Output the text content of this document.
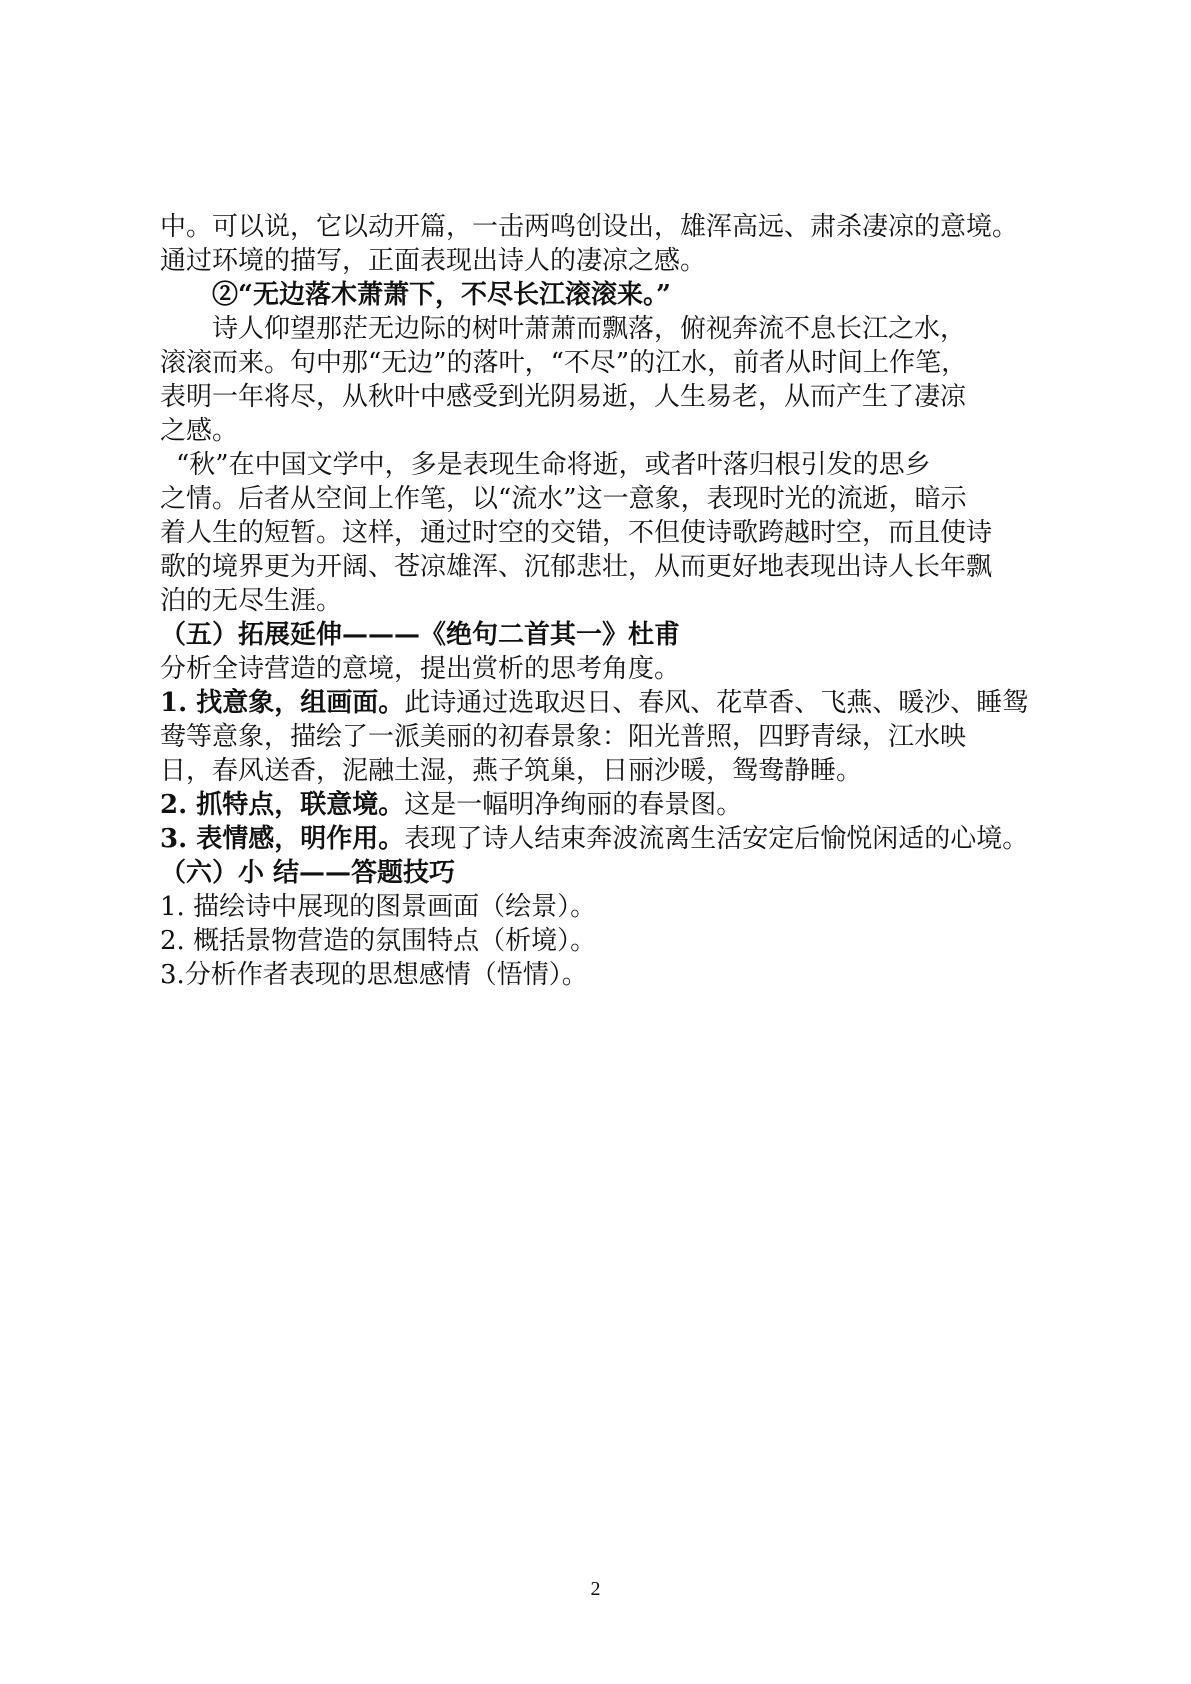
中。可以说，它以动开篇，一击两鸣创设出，雄浑高远、肃杀凄凉的意境。

通过环境的描写，正面表现出诗人的凄凉之感。

②“无边落木萧萧下，不尽长江滚滚来。”

诗人仰望那茫无边际的树叶萧萧而飘落，俯视奔流不息长江之水，

滚滚而来。句中那“无边”的落叶，“不尽”的江水，前者从时间上作笔，

表明一年将尽，从秋叶中感受到光阴易逝，人生易老，从而产生了凄凉

之感。

“秋”在中国文学中，多是表现生命将逝，或者叶落归根引发的思乡

之情。后者从空间上作笔，以“流水”这一意象，表现时光的流逝，暗示

着人生的短暂。这样，通过时空的交错，不但使诗歌跨越时空，而且使诗

歌的境界更为开阔、苍凉雄浑、沉郁悲壮，从而更好地表现出诗人长年飘

泊的无尽生涯。

（五）拓展延伸———《绝句二首其一》杜甫

分析全诗营造的意境，提出赏析的思考角度。

1. 找意象，组画面。此诗通过选取迟日、春风、花草香、飞燕、暖沙、睡鸳

鸯等意象，描绘了一派美丽的初春景象：阳光普照，四野青绿，江水映

日，春风送香，泥融土湿，燕子筑巢，日丽沙暖，鸳鸯静睡。

2. 抓特点，联意境。这是一幅明净绚丽的春景图。

3. 表情感，明作用。表现了诗人结束奔波流离生活安定后愉悦闲适的心境。

（六）小 结——答题技巧

1. 描绘诗中展现的图景画面（绘景）。

2. 概括景物营造的氛围特点（析境）。

3.分析作者表现的思想感情（悟情）。

2
